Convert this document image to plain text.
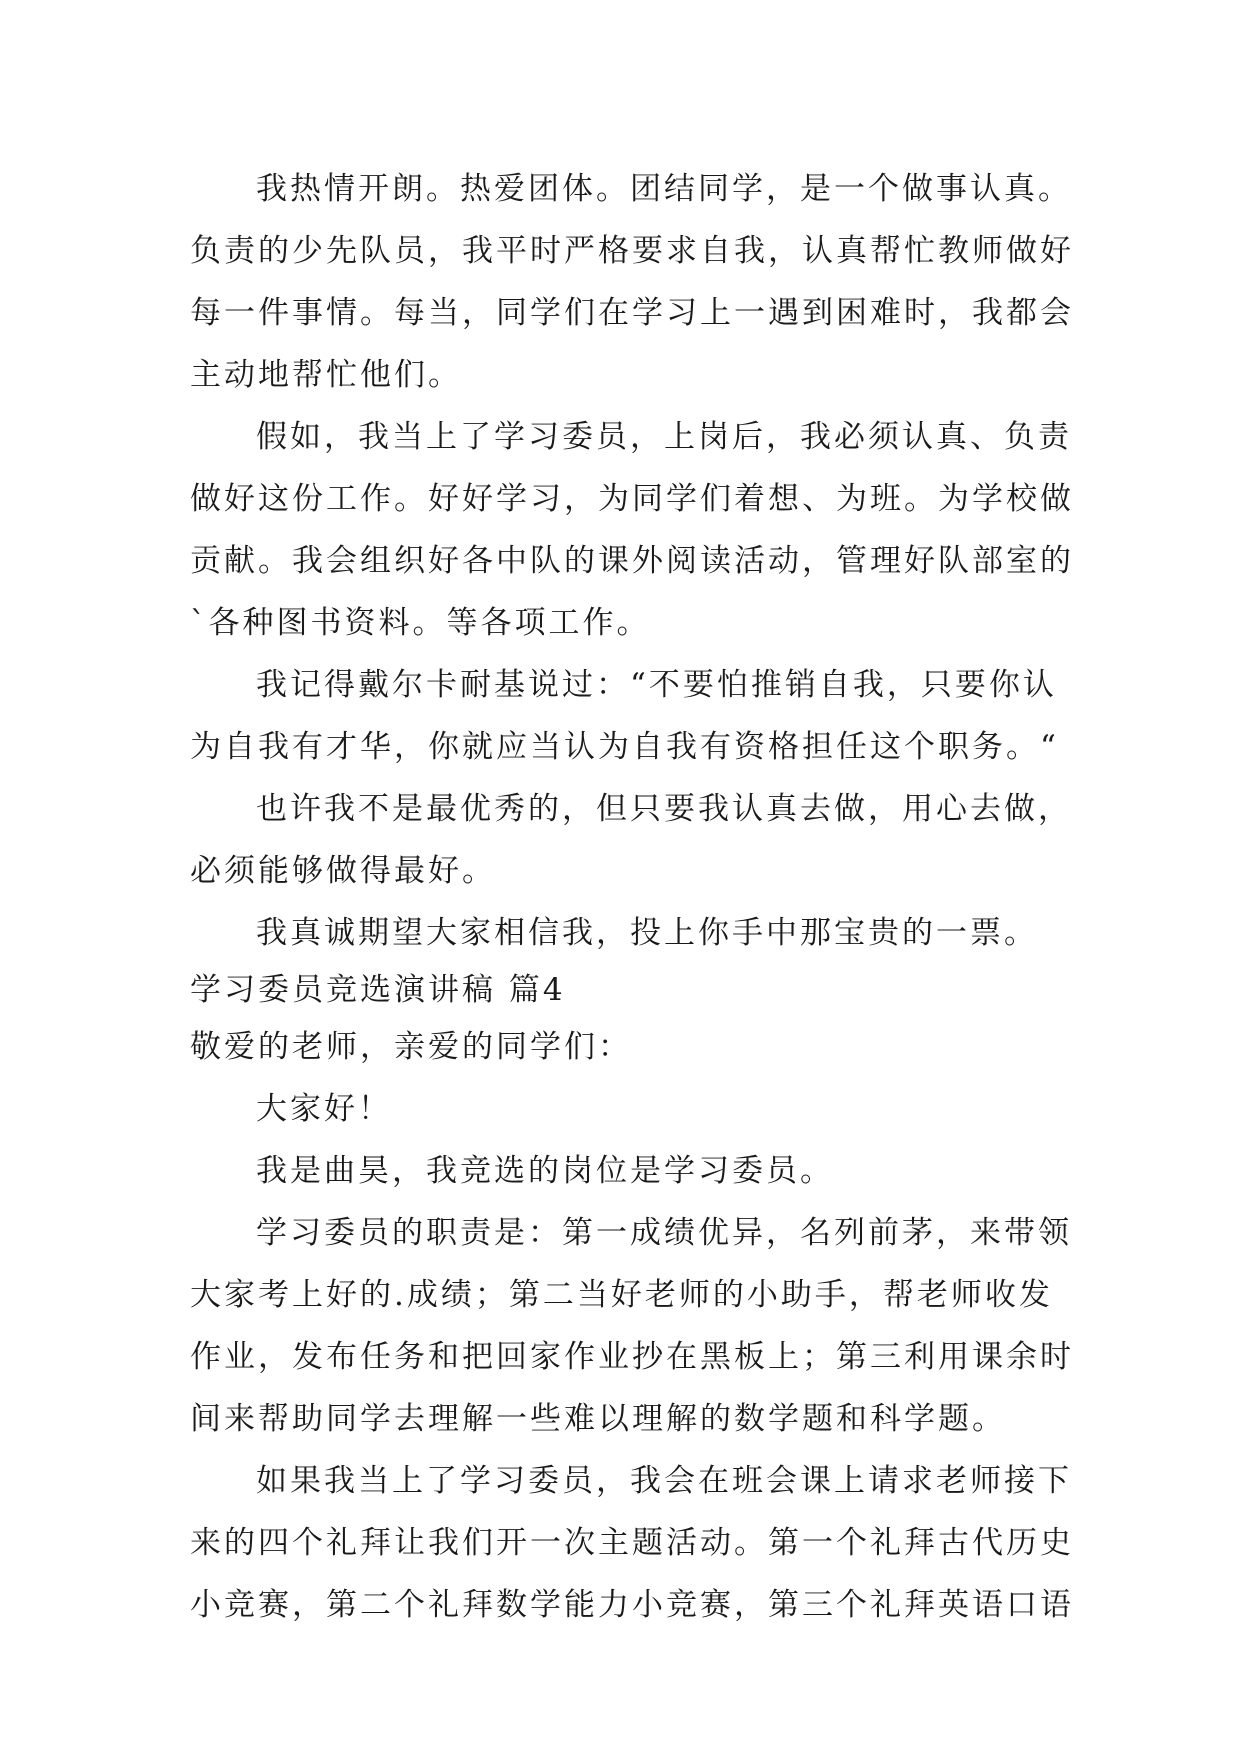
我热情开朗。热爱团体。团结同学，是一个做事认真。
负责的少先队员，我平时严格要求自我，认真帮忙教师做好
每一件事情。每当，同学们在学习上一遇到困难时，我都会
主动地帮忙他们。
假如，我当上了学习委员，上岗后，我必须认真、负责
做好这份工作。好好学习，为同学们着想、为班。为学校做
贡献。我会组织好各中队的课外阅读活动，管理好队部室的
`各种图书资料。等各项工作。
我记得戴尔卡耐基说过：“不要怕推销自我，只要你认
为自我有才华，你就应当认为自我有资格担任这个职务。“
也许我不是最优秀的，但只要我认真去做，用心去做，
必须能够做得最好。
我真诚期望大家相信我，投上你手中那宝贵的一票。
学习委员竞选演讲稿 篇4
敬爱的老师，亲爱的同学们：
大家好！
我是曲昊，我竞选的岗位是学习委员。
学习委员的职责是：第一成绩优异，名列前茅，来带领
大家考上好的.成绩；第二当好老师的小助手，帮老师收发
作业，发布任务和把回家作业抄在黑板上；第三利用课余时
间来帮助同学去理解一些难以理解的数学题和科学题。
如果我当上了学习委员，我会在班会课上请求老师接下
来的四个礼拜让我们开一次主题活动。第一个礼拜古代历史
小竞赛，第二个礼拜数学能力小竞赛，第三个礼拜英语口语
